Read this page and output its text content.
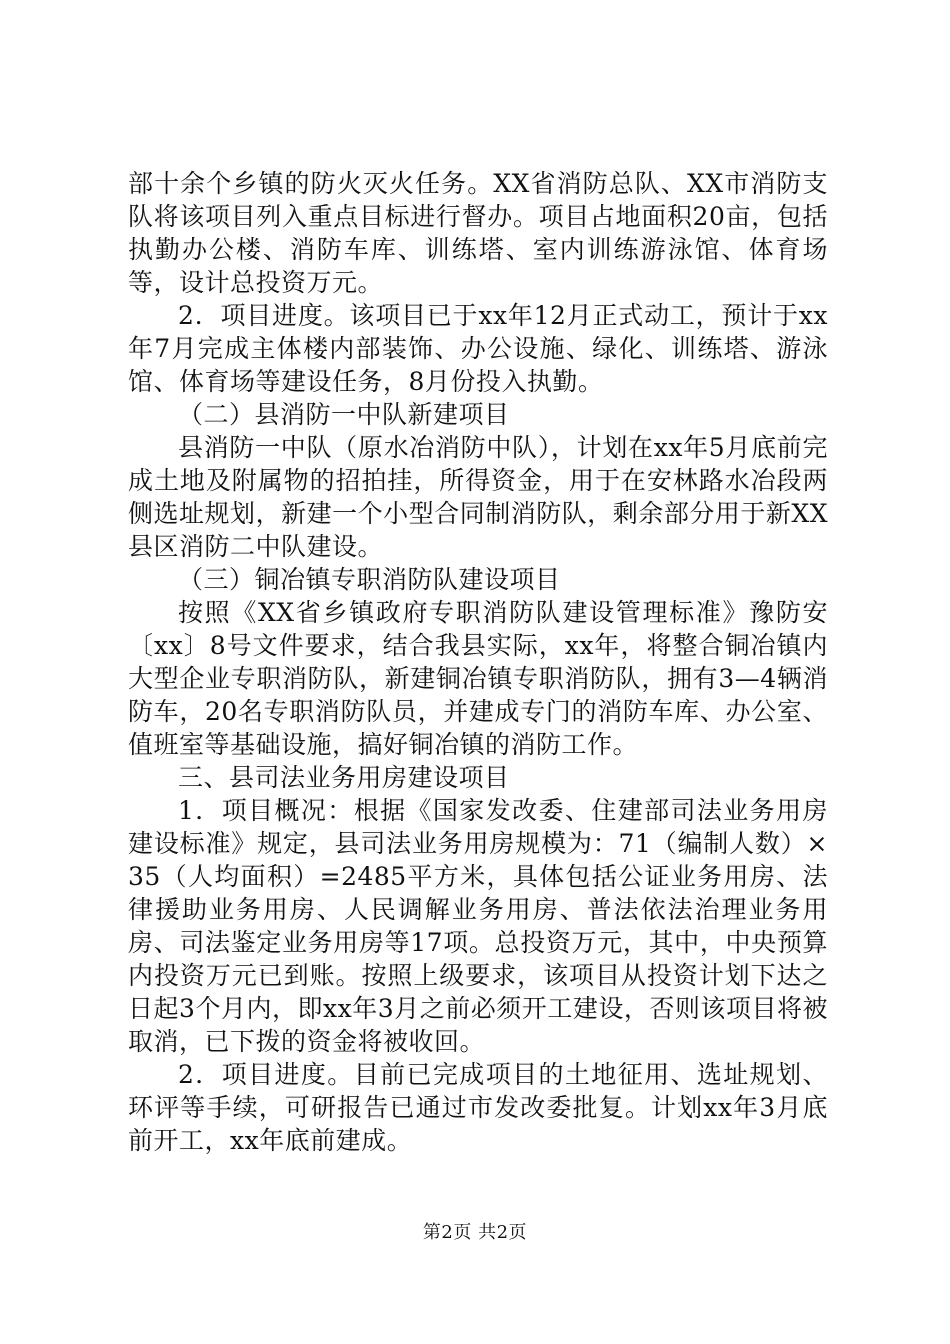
部十余个乡镇的防火灭火任务。XX省消防总队、XX市消防支队将该项目列入重点目标进行督办。项目占地面积20亩，包括执勤办公楼、消防车库、训练塔、室内训练游泳馆、体育场等，设计总投资万元。

2．项目进度。该项目已于xx年12月正式动工，预计于xx年7月完成主体楼内部装饰、办公设施、绿化、训练塔、游泳馆、体育场等建设任务，8月份投入执勤。

（二）县消防一中队新建项目

县消防一中队（原水冶消防中队），计划在xx年5月底前完成土地及附属物的招拍挂，所得资金，用于在安林路水冶段两侧选址规划，新建一个小型合同制消防队，剩余部分用于新XX县区消防二中队建设。

（三）铜冶镇专职消防队建设项目

按照《XX省乡镇政府专职消防队建设管理标准》豫防安〔xx〕8号文件要求，结合我县实际，xx年，将整合铜冶镇内大型企业专职消防队，新建铜冶镇专职消防队，拥有3—4辆消防车，20名专职消防队员，并建成专门的消防车库、办公室、值班室等基础设施，搞好铜冶镇的消防工作。

三、县司法业务用房建设项目

1．项目概况：根据《国家发改委、住建部司法业务用房建设标准》规定，县司法业务用房规模为：71（编制人数）×35（人均面积）=2485平方米，具体包括公证业务用房、法律援助业务用房、人民调解业务用房、普法依法治理业务用房、司法鉴定业务用房等17项。总投资万元，其中，中央预算内投资万元已到账。按照上级要求，该项目从投资计划下达之日起3个月内，即xx年3月之前必须开工建设，否则该项目将被取消，已下拨的资金将被收回。

2．项目进度。目前已完成项目的土地征用、选址规划、环评等手续，可研报告已通过市发改委批复。计划xx年3月底前开工，xx年底前建成。

第2页 共2页
